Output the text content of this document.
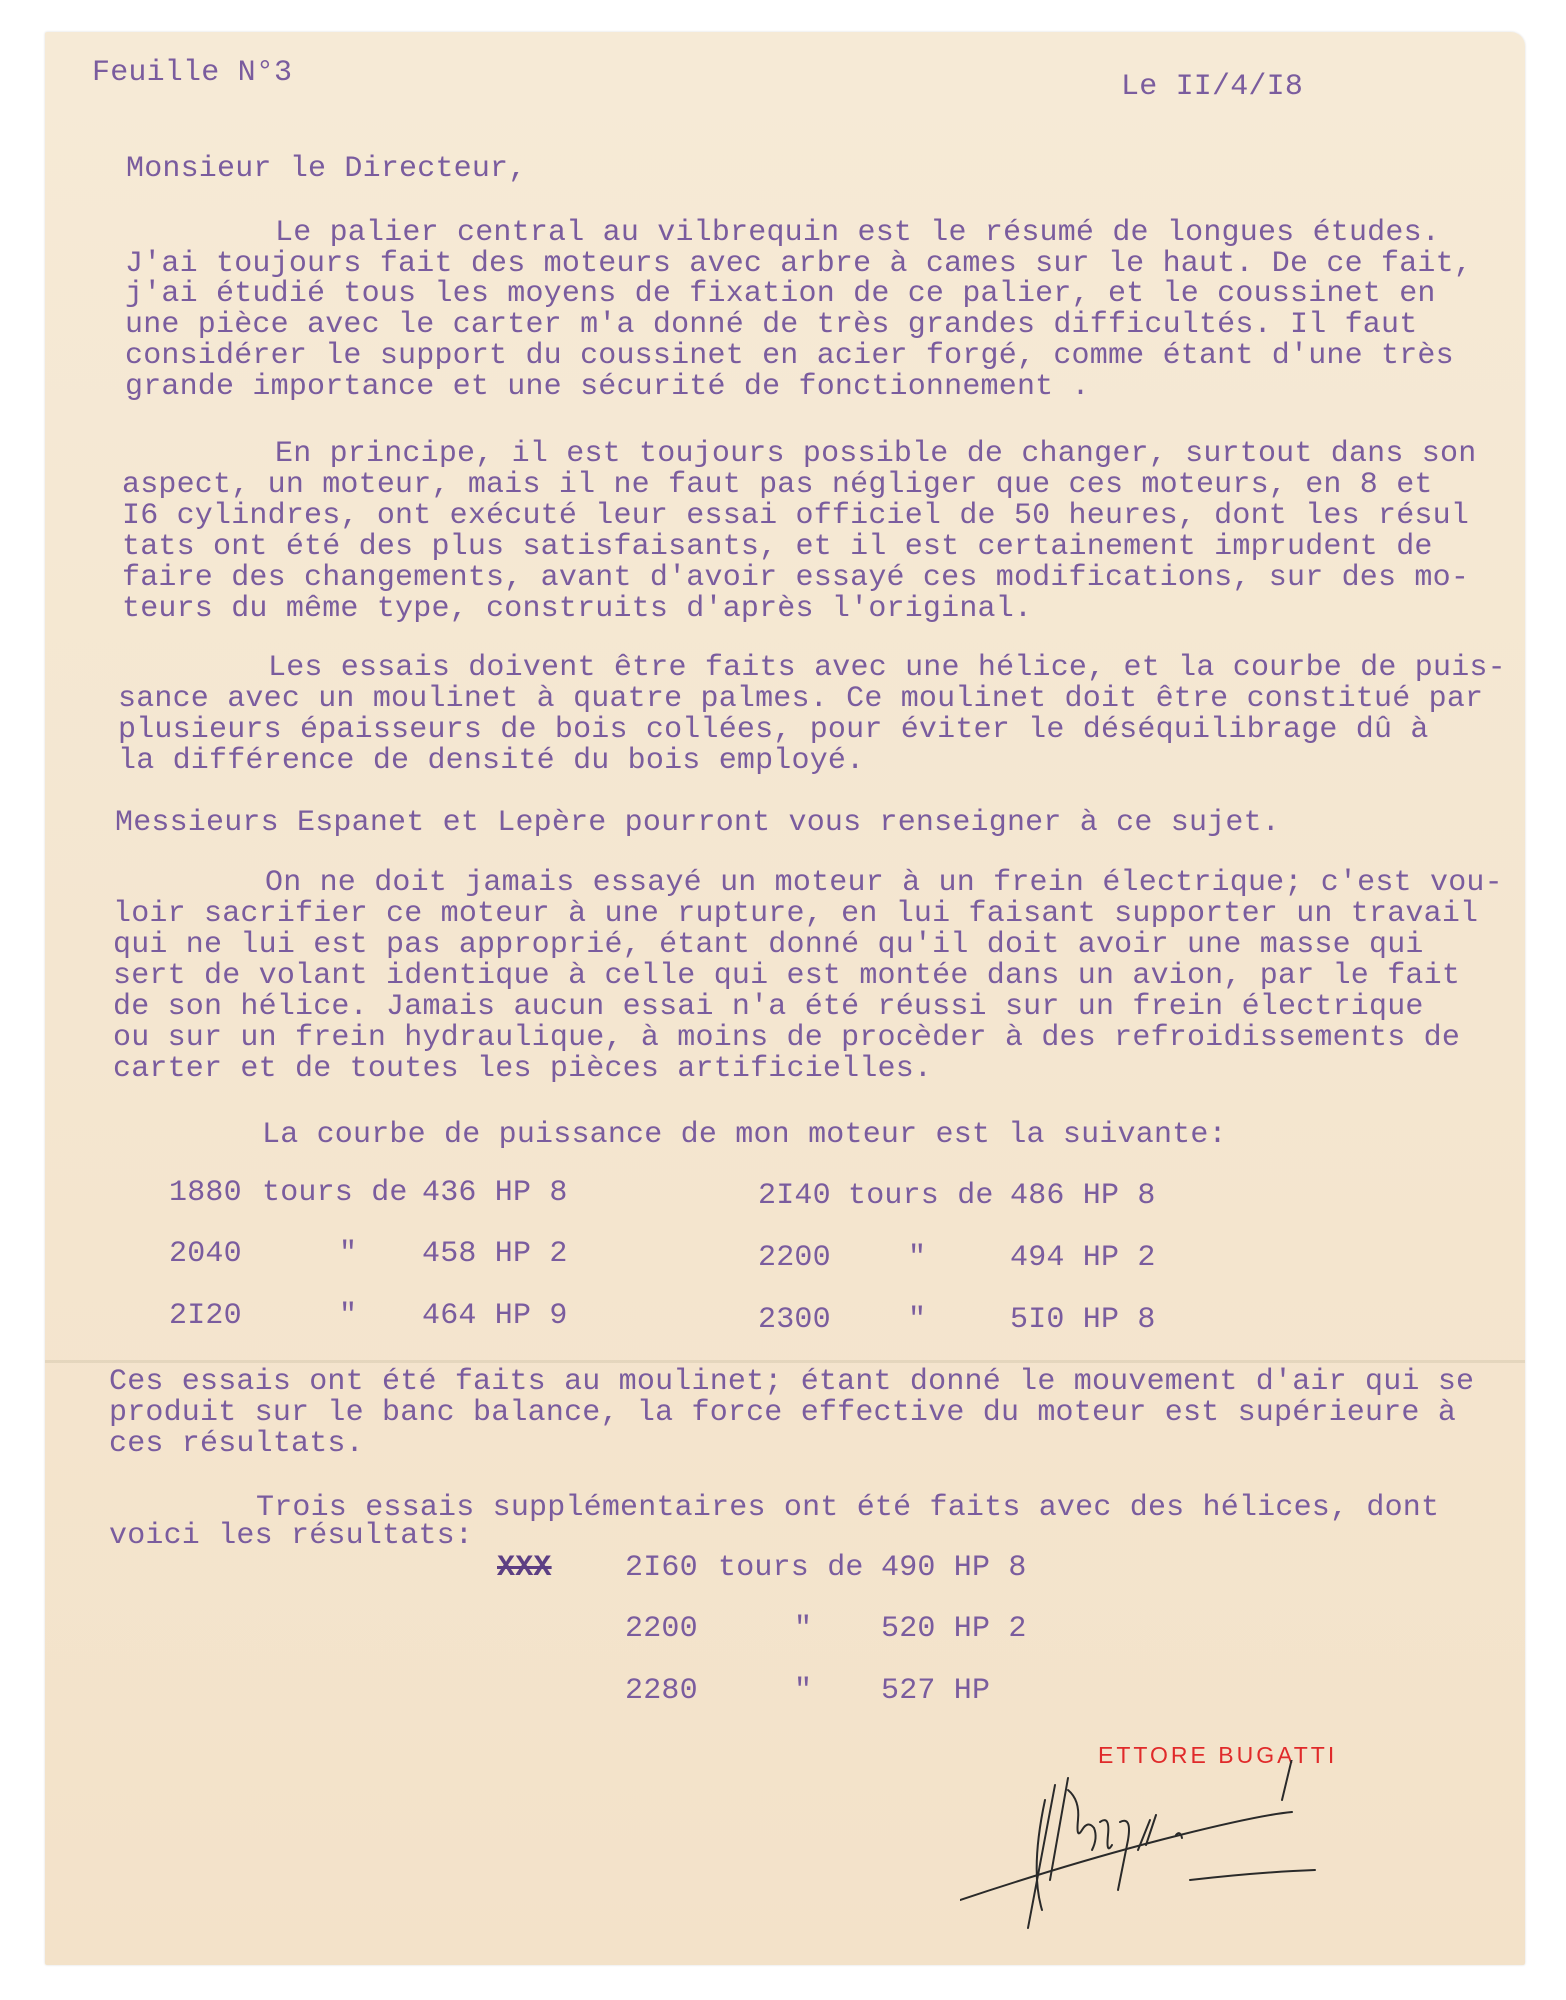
Feuille N°3	Le II/4/I8
Monsieur le Directeur,
Le palier central au vilbrequin est le résumé de longues études.
J'ai toujours fait des moteurs avec arbre à cames sur le haut. De ce fait,
j'ai étudié tous les moyens de fixation de ce palier, et le coussinet en
une pièce avec le carter m'a donné de très grandes difficultés. Il faut
considérer le support du coussinet en acier forgé, comme étant d'une très
grande importance et une sécurité de fonctionnement .
En principe, il est toujours possible de changer, surtout dans son
aspect, un moteur, mais il ne faut pas négliger que ces moteurs, en 8 et
I6 cylindres, ont exécuté leur essai officiel de 50 heures, dont les résul
tats ont été des plus satisfaisants, et il est certainement imprudent de
faire des changements, avant d'avoir essayé ces modifications, sur des mo-
teurs du même type, construits d'après l'original.
Les essais doivent être faits avec une hélice, et la courbe de puis-
sance avec un moulinet à quatre palmes. Ce moulinet doit être constitué par
plusieurs épaisseurs de bois collées, pour éviter le déséquilibrage dû à
la différence de densité du bois employé.
Messieurs Espanet et Lepère pourront vous renseigner à ce sujet.
On ne doit jamais essayé un moteur à un frein électrique; c'est vou-
loir sacrifier ce moteur à une rupture, en lui faisant supporter un travail
qui ne lui est pas approprié, étant donné qu'il doit avoir une masse qui
sert de volant identique à celle qui est montée dans un avion, par le fait
de son hélice. Jamais aucun essai n'a été réussi sur un frein électrique
ou sur un frein hydraulique, à moins de procèder à des refroidissements de
carter et de toutes les pièces artificielles.
La courbe de puissance de mon moteur est la suivante:
1880 tours de 436 HP 8
2040	" 458 HP 2
2I20	" 464 HP 9
2I40 tours de 486 HP 8
2200	"	494 HP 2
2300	"	5I0 HP 8
Ces essais ont été faits au moulinet; étant donné le mouvement d'air qui se
produit sur le banc balance, la force effective du moteur est supérieure à
ces résultats.
Trois essais supplémentaires ont été faits avec des hélices, dont
voici les résultats:
XXX 2I60 tours de 490 HP 8
2200	" 520 HP 2
2280	" 527 HP
ETTORE BUGATTI
